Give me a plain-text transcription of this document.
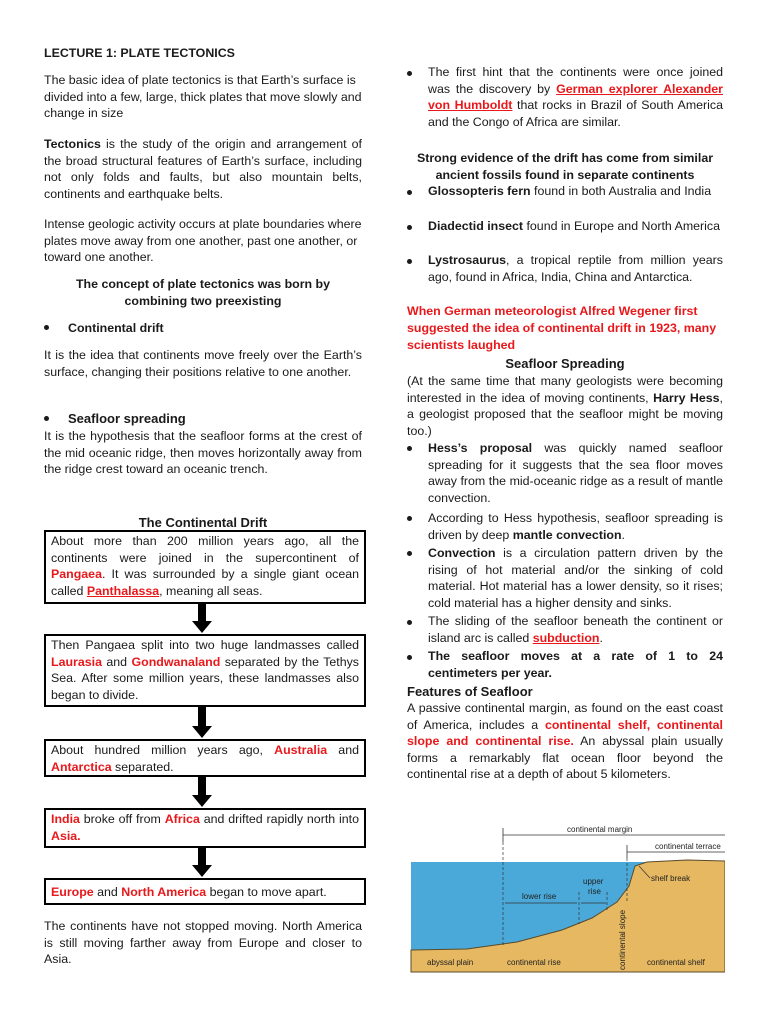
LECTURE 1: PLATE TECTONICS

The basic idea of plate tectonics is that Earth’s surface is divided into a few, large, thick plates that move slowly and change in size

Tectonics is the study of the origin and arrangement of the broad structural features of Earth’s surface, including not only folds and faults, but also mountain belts, continents and earthquake belts.

Intense geologic activity occurs at plate boundaries where plates move away from one another, past one another, or toward one another.

The concept of plate tectonics was born by combining two preexisting

Continental drift

It is the idea that continents move freely over the Earth’s surface, changing their positions relative to one another.

Seafloor spreading

It is the hypothesis that the seafloor forms at the crest of the mid oceanic ridge, then moves horizontally away from the ridge crest toward an oceanic trench.

The Continental Drift

About more than 200 million years ago, all the continents were joined in the supercontinent of Pangaea. It was surrounded by a single giant ocean called Panthalassa, meaning all seas.
Then Pangaea split into two huge landmasses called Laurasia and Gondwanaland separated by the Tethys Sea. After some million years, these landmasses also began to divide.
About hundred million years ago, Australia and Antarctica separated.
India broke off from Africa and drifted rapidly north into Asia.
Europe and North America began to move apart.

The continents have not stopped moving. North America is still moving farther away from Europe and closer to Asia.

The first hint that the continents were once joined was the discovery by German explorer Alexander von Humboldt that rocks in Brazil of South America and the Congo of Africa are similar.

Strong evidence of the drift has come from similar ancient fossils found in separate continents

Glossopteris fern found in both Australia and India

Diadectid insect found in Europe and North America

Lystrosaurus, a tropical reptile from million years ago, found in Africa, India, China and Antarctica.

When German meteorologist Alfred Wegener first suggested the idea of continental drift in 1923, many scientists laughed

Seafloor Spreading

(At the same time that many geologists were becoming interested in the idea of moving continents, Harry Hess, a geologist proposed that the seafloor might be moving too.)

Hess’s proposal was quickly named seafloor spreading for it suggests that the sea floor moves away from the mid-oceanic ridge as a result of mantle convection.

According to Hess hypothesis, seafloor spreading is driven by deep mantle convection.

Convection is a circulation pattern driven by the rising of hot material and/or the sinking of cold material. Hot material has a lower density, so it rises; cold material has a higher density and sinks.

The sliding of the seafloor beneath the continent or island arc is called subduction.

The seafloor moves at a rate of 1 to 24 centimeters per year.

Features of Seafloor

A passive continental margin, as found on the east coast of America, includes a continental shelf, continental slope and continental rise. An abyssal plain usually forms a remarkably flat ocean floor beyond the continental rise at a depth of about 5 kilometers.

continental margin
continental terrace
lower rise
upper
rise
shelf break
continental slope
abyssal plain	continental rise	continental shelf
